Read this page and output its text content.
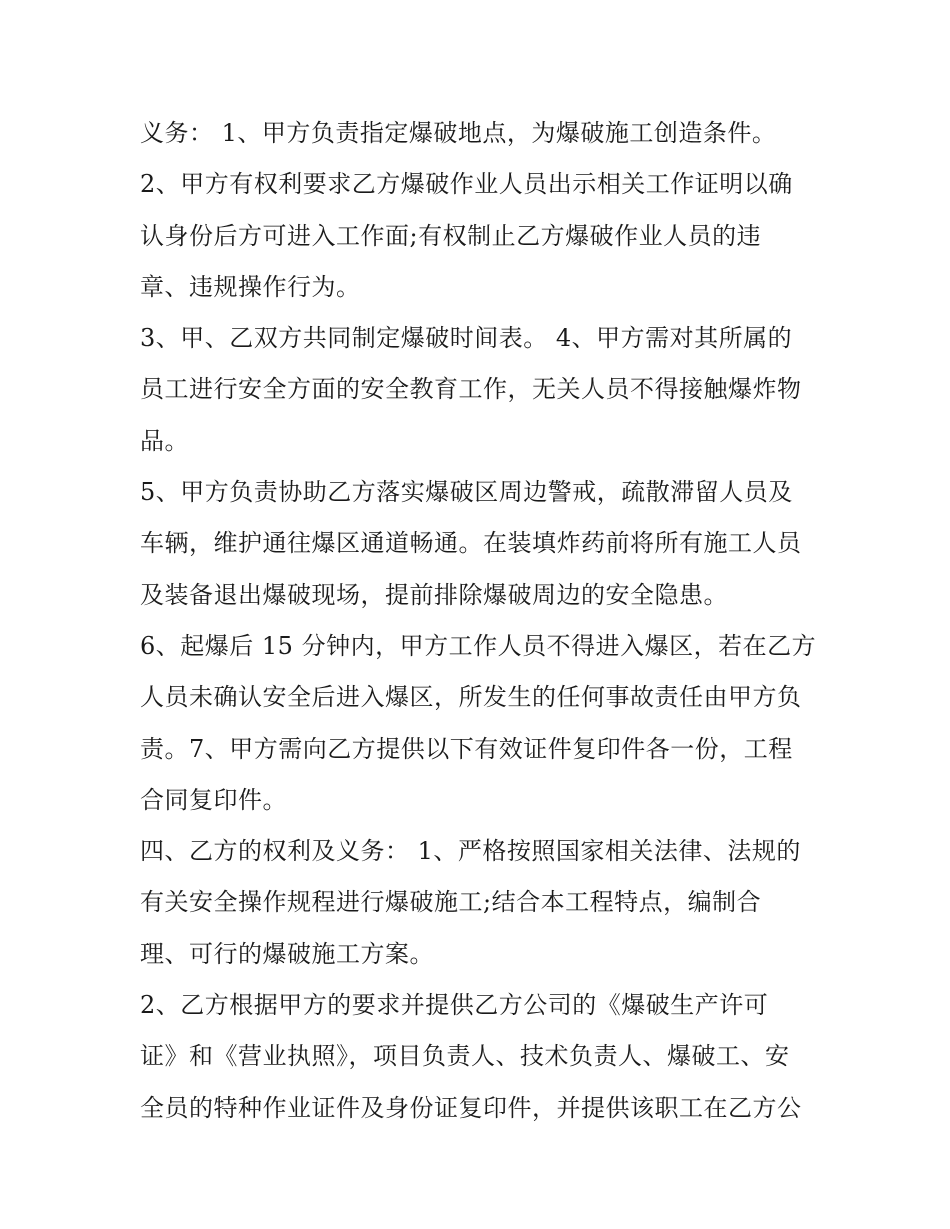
义务： 1、甲方负责指定爆破地点，为爆破施工创造条件。
2、甲方有权利要求乙方爆破作业人员出示相关工作证明以确
认身份后方可进入工作面;有权制止乙方爆破作业人员的违
章、违规操作行为。
3、甲、乙双方共同制定爆破时间表。 4、甲方需对其所属的
员工进行安全方面的安全教育工作，无关人员不得接触爆炸物
品。
5、甲方负责协助乙方落实爆破区周边警戒，疏散滞留人员及
车辆，维护通往爆区通道畅通。在装填炸药前将所有施工人员
及装备退出爆破现场，提前排除爆破周边的安全隐患。
6、起爆后 15 分钟内，甲方工作人员不得进入爆区，若在乙方
人员未确认安全后进入爆区，所发生的任何事故责任由甲方负
责。7、甲方需向乙方提供以下有效证件复印件各一份，工程
合同复印件。
四、乙方的权利及义务： 1、严格按照国家相关法律、法规的
有关安全操作规程进行爆破施工;结合本工程特点，编制合
理、可行的爆破施工方案。
2、乙方根据甲方的要求并提供乙方公司的《爆破生产许可
证》和《营业执照》，项目负责人、技术负责人、爆破工、安
全员的特种作业证件及身份证复印件，并提供该职工在乙方公
